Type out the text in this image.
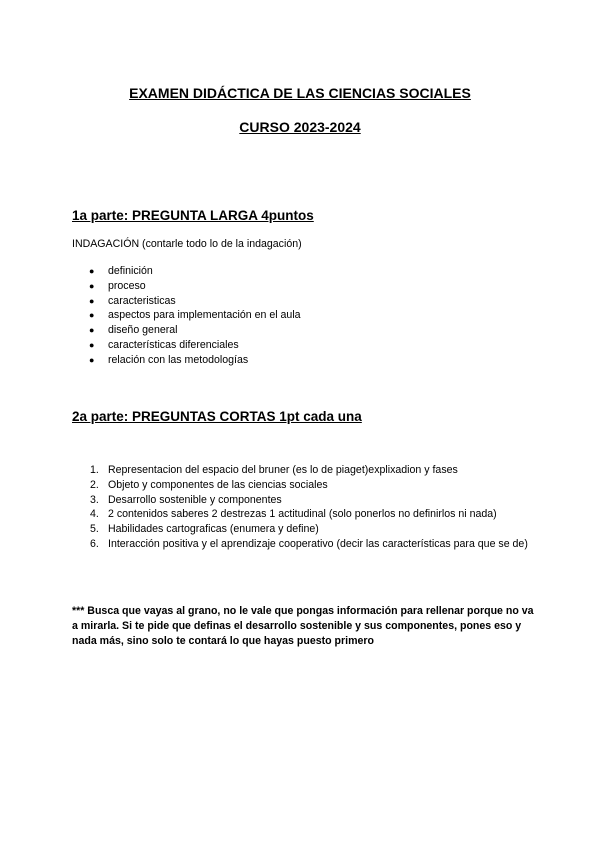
EXAMEN DIDÁCTICA DE LAS CIENCIAS SOCIALES
CURSO 2023-2024
1a parte: PREGUNTA LARGA 4puntos

INDAGACIÓN (contarle todo lo de la indagación)

● definición
● proceso
● caracteristicas
● aspectos para implementación en el aula
● diseño general
● características diferenciales
● relación con las metodologías
2a parte: PREGUNTAS CORTAS 1pt cada una
1. Representacion del espacio del bruner (es lo de piaget)explixadion y fases
2. Objeto y componentes de las ciencias sociales
3. Desarrollo sostenible y componentes
4. 2 contenidos saberes 2 destrezas 1 actitudinal (solo ponerlos no definirlos ni nada)
5. Habilidades cartograficas (enumera y define)
6. Interacción positiva y el aprendizaje cooperativo (decir las características para que se de)

*** Busca que vayas al grano, no le vale que pongas información para rellenar porque no va a mirarla. Si te pide que definas el desarrollo sostenible y sus componentes, pones eso y nada más, sino solo te contará lo que hayas puesto primero
